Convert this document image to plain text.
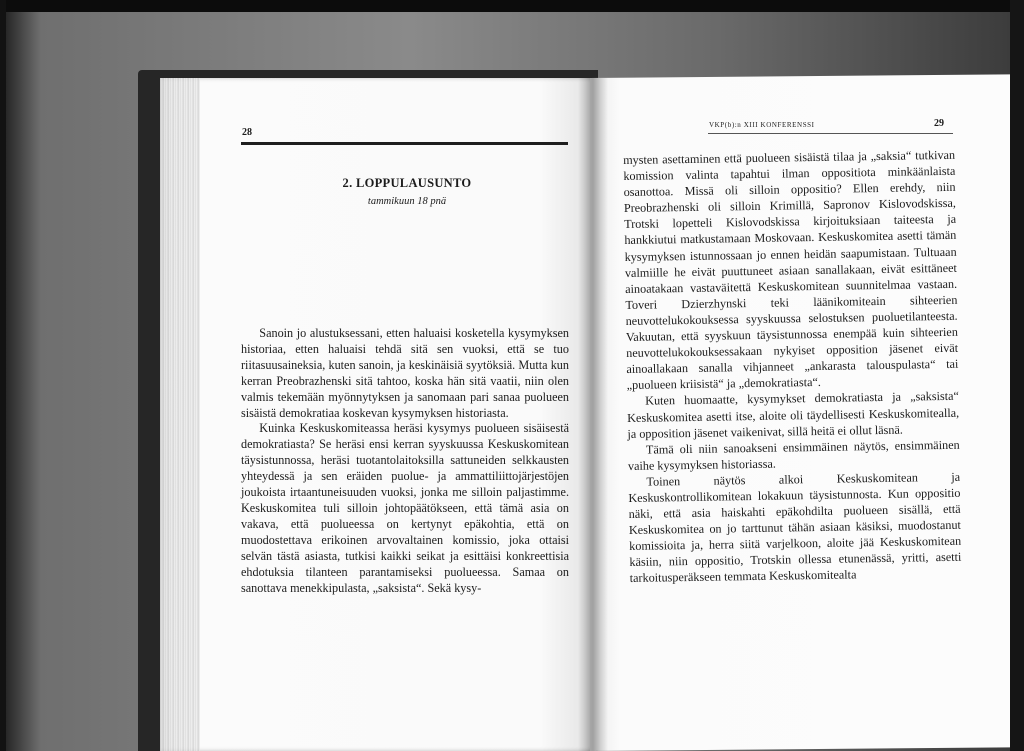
28
2. LOPPULAUSUNTO
tammikuun 18 pnä

Sanoin jo alustuksessani, etten haluaisi kosketella kysymyksen historiaa, etten haluaisi tehdä sitä sen vuoksi, että se tuo riitasuusaineksia, kuten sanoin, ja keskinäisiä syytöksiä. Mutta kun kerran Preobrazhenski sitä tahtoo, koska hän sitä vaatii, niin olen valmis tekemään myönnytyksen ja sanomaan pari sanaa puolueen sisäistä demokratiaa koskevan kysymyksen historiasta.

Kuinka Keskuskomiteassa heräsi kysymys puolueen sisäisestä demokratiasta? Se heräsi ensi kerran syyskuussa Keskuskomitean täysistunnossa, heräsi tuotantolaitoksilla sattuneiden selkkausten yhteydessä ja sen eräiden puolue- ja ammattiliittojärjestöjen joukoista irtaantuneisuuden vuoksi, jonka me silloin paljastimme. Keskuskomitea tuli silloin johtopäätökseen, että tämä asia on vakava, että puolueessa on kertynyt epäkohtia, että on muodostettava erikoinen arvovaltainen komissio, joka ottaisi selvän tästä asiasta, tutkisi kaikki seikat ja esittäisi konkreettisia ehdotuksia tilanteen parantamiseksi puolueessa. Samaa on sanottava menekkipulasta, „saksista“. Sekä kysy-

VKP(b):n XIII KONFERENSSI	29

mysten asettaminen että puolueen sisäistä tilaa ja „saksia“ tutkivan komission valinta tapahtui ilman oppositiota minkäänlaista osanottoa. Missä oli silloin oppositio? Ellen erehdy, niin Preobrazhenski oli silloin Krimillä, Sapronov Kislovodskissa, Trotski lopetteli Kislovodskissa kirjoituksiaan taiteesta ja hankkiutui matkustamaan Moskovaan. Keskuskomitea asetti tämän kysymyksen istunnossaan jo ennen heidän saapumistaan. Tultuaan valmiille he eivät puuttuneet asiaan sanallakaan, eivät esittäneet ainoatakaan vastaväitettä Keskuskomitean suunnitelmaa vastaan. Toveri Dzierzhynski teki läänikomiteain sihteerien neuvottelukokouksessa syyskuussa selostuksen puoluetilanteesta. Vakuutan, että syyskuun täysistunnossa enempää kuin sihteerien neuvottelukokouksessakaan nykyiset opposition jäsenet eivät ainoallakaan sanalla vihjanneet „ankarasta talouspulasta“ tai „puolueen kriisistä“ ja „demokratiasta“.

Kuten huomaatte, kysymykset demokratiasta ja „saksista“ Keskuskomitea asetti itse, aloite oli täydellisesti Keskuskomitealla, ja opposition jäsenet vaikenivat, sillä heitä ei ollut läsnä.

Tämä oli niin sanoakseni ensimmäinen näytös, ensimmäinen vaihe kysymyksen historiassa.

Toinen näytös alkoi Keskuskomitean ja Keskuskontrollikomitean lokakuun täysistunnosta. Kun oppositio näki, että asia haiskahti epäkohdilta puolueen sisällä, että Keskuskomitea on jo tarttunut tähän asiaan käsiksi, muodostanut komissioita ja, herra siitä varjelkoon, aloite jää Keskuskomitean käsiin, niin oppositio, Trotskin ollessa etunenässä, yritti, asetti tarkoitusperäkseen temmata Keskuskomitealta
